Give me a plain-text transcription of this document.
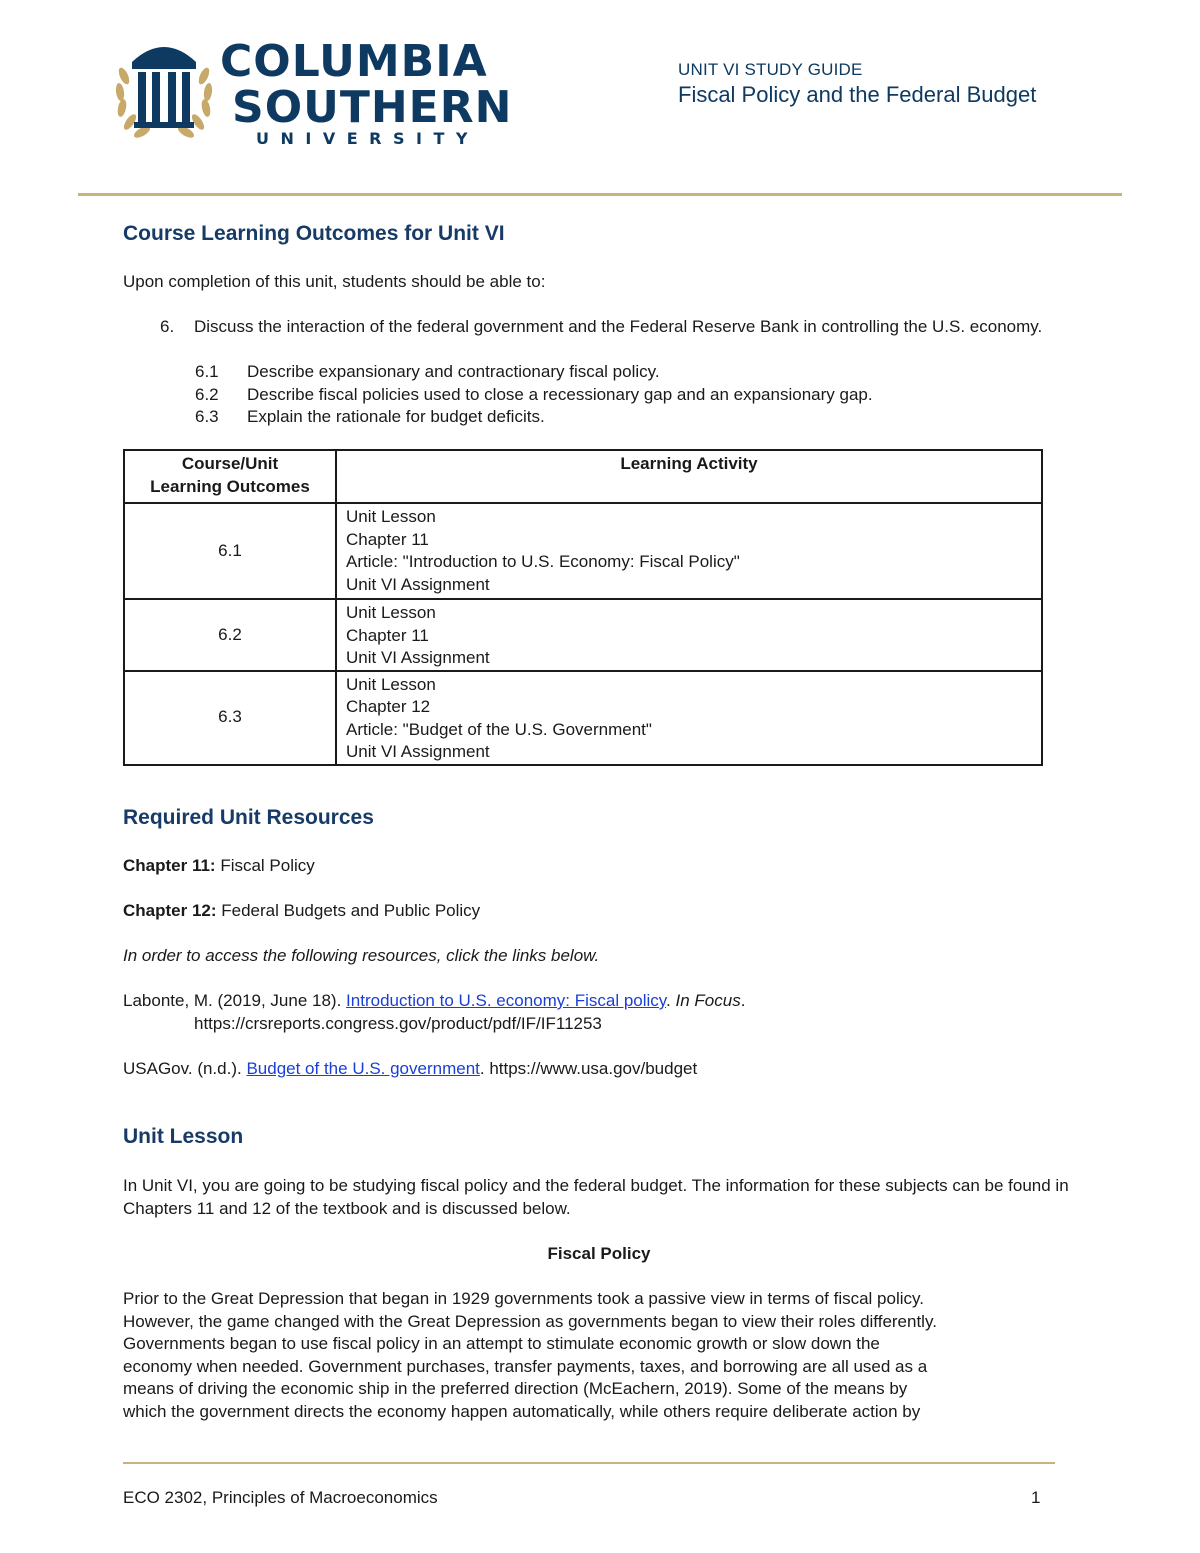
COLUMBIA
SOUTHERN
UNIVERSITY
UNIT VI STUDY GUIDE
Fiscal Policy and the Federal Budget
Course Learning Outcomes for Unit VI
Upon completion of this unit, students should be able to:
6. Discuss the interaction of the federal government and the Federal Reserve Bank in controlling the U.S. economy.
6.1 Describe expansionary and contractionary fiscal policy.
6.2 Describe fiscal policies used to close a recessionary gap and an expansionary gap.
6.3 Explain the rationale for budget deficits.
Course/Unit
Learning Outcomes	Learning Activity
6.1	Unit Lesson
Chapter 11
Article: "Introduction to U.S. Economy: Fiscal Policy"
Unit VI Assignment

6.2	Unit Lesson
Chapter 11
Unit VI Assignment

6.3	Unit Lesson
Chapter 12
Article: "Budget of the U.S. Government"
Unit VI Assignment
Required Unit Resources
Chapter 11: Fiscal Policy
Chapter 12: Federal Budgets and Public Policy
In order to access the following resources, click the links below.
Labonte, M. (2019, June 18). Introduction to U.S. economy: Fiscal policy. In Focus.
https://crsreports.congress.gov/product/pdf/IF/IF11253
USAGov. (n.d.). Budget of the U.S. government. https://www.usa.gov/budget
Unit Lesson
In Unit VI, you are going to be studying fiscal policy and the federal budget. The information for these subjects can be found in Chapters 11 and 12 of the textbook and is discussed below.
Fiscal Policy
Prior to the Great Depression that began in 1929 governments took a passive view in terms of fiscal policy.
However, the game changed with the Great Depression as governments began to view their roles differently.
Governments began to use fiscal policy in an attempt to stimulate economic growth or slow down the
economy when needed. Government purchases, transfer payments, taxes, and borrowing are all used as a
means of driving the economic ship in the preferred direction (McEachern, 2019). Some of the means by
which the government directs the economy happen automatically, while others require deliberate action by
ECO 2302, Principles of Macroeconomics	1
